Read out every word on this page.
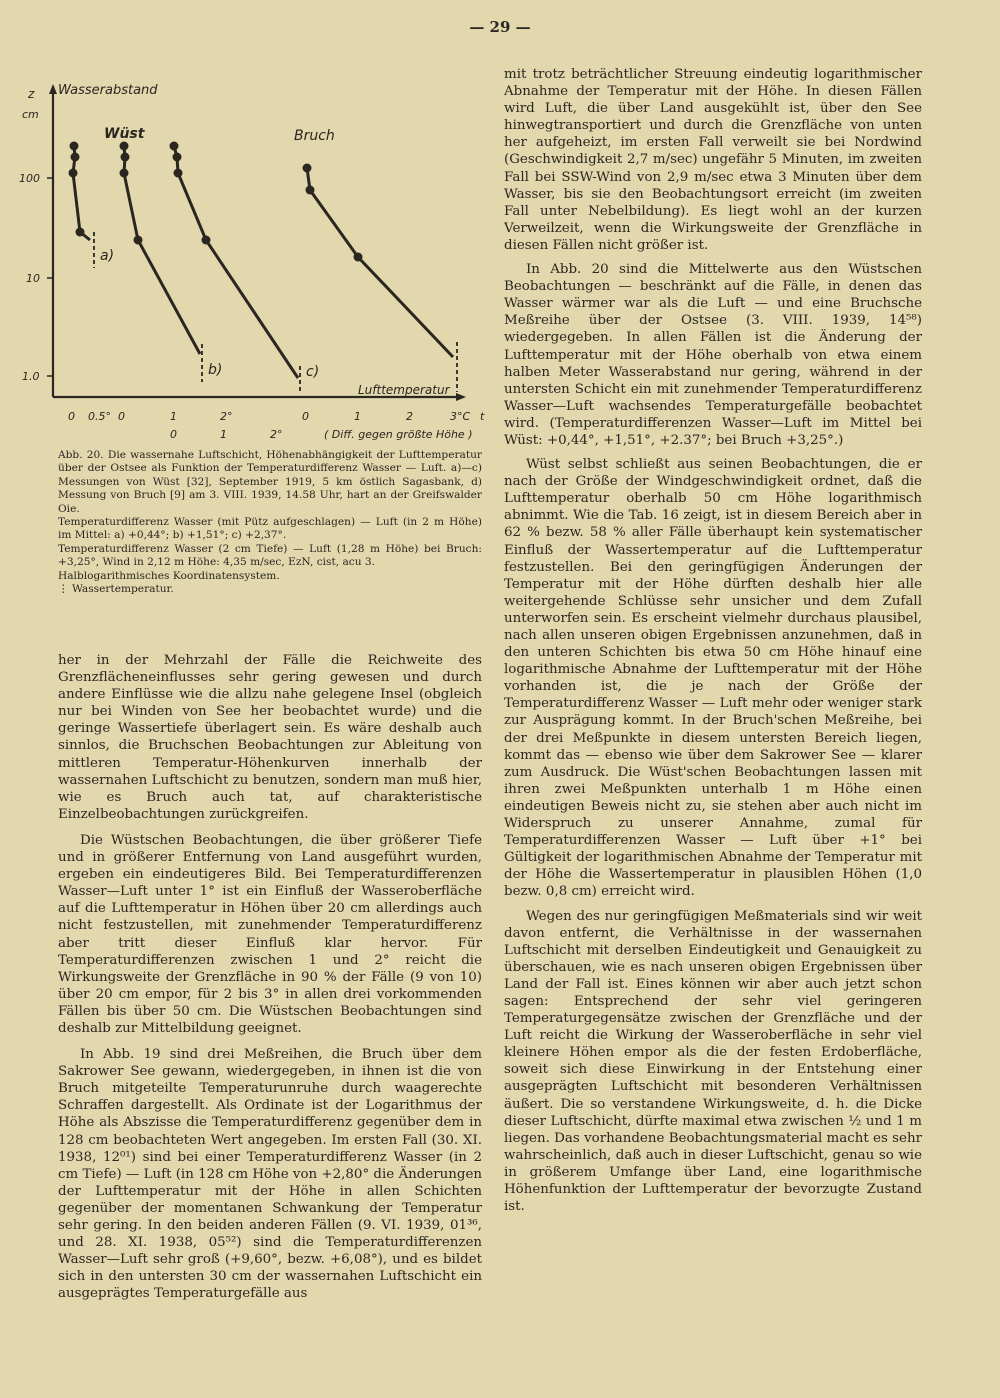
— 29 —
z Wasserabstand
cm
100
10
1.0
Wüst	Bruch
a)
b)	c)
Lufttemperatur
0 0.5° 0	1	2°	0	1	2	3°C t
0	1	2°	( Diff. gegen größte Höhe )

Abb. 20. Die wassernahe Luftschicht, Höhenabhängigkeit der Lufttemperatur über der Ostsee als Funktion der Temperaturdifferenz Wasser — Luft. a)—c) Messungen von Wüst [32], September 1919, 5 km östlich Sagasbank, d) Messung von Bruch [9] am 3. VIII. 1939, 14.58 Uhr, hart an der Greifswalder Oie.

Temperaturdifferenz Wasser (mit Pütz aufgeschlagen) — Luft (in 2 m Höhe) im Mittel: a) +0,44°; b) +1,51°; c) +2,37°.

Temperaturdifferenz Wasser (2 cm Tiefe) — Luft (1,28 m Höhe) bei Bruch: +3,25°, Wind in 2,12 m Höhe: 4,35 m/sec, EzN, cist, acu 3.

Halblogarithmisches Koordinatensystem.

⋮ Wassertemperatur.

her in der Mehrzahl der Fälle die Reichweite des Grenzflächeneinflusses sehr gering gewesen und durch andere Einflüsse wie die allzu nahe gelegene Insel (obgleich nur bei Winden von See her beobachtet wurde) und die geringe Wassertiefe überlagert sein. Es wäre deshalb auch sinnlos, die Bruchschen Beobachtungen zur Ableitung von mittleren Temperatur-Höhenkurven innerhalb der wassernahen Luftschicht zu benutzen, sondern man muß hier, wie es Bruch auch tat, auf charakteristische Einzelbeobachtungen zurückgreifen.

Die Wüstschen Beobachtungen, die über größerer Tiefe und in größerer Entfernung von Land ausgeführt wurden, ergeben ein eindeutigeres Bild. Bei Temperaturdifferenzen Wasser—Luft unter 1° ist ein Einfluß der Wasseroberfläche auf die Lufttemperatur in Höhen über 20 cm allerdings auch nicht festzustellen, mit zunehmender Temperaturdifferenz aber tritt dieser Einfluß klar hervor. Für Temperaturdifferenzen zwischen 1 und 2° reicht die Wirkungsweite der Grenzfläche in 90 % der Fälle (9 von 10) über 20 cm empor, für 2 bis 3° in allen drei vorkommenden Fällen bis über 50 cm. Die Wüstschen Beobachtungen sind deshalb zur Mittelbildung geeignet.

In Abb. 19 sind drei Meßreihen, die Bruch über dem Sakrower See gewann, wiedergegeben, in ihnen ist die von Bruch mitgeteilte Temperaturunruhe durch waagerechte Schraffen dargestellt. Als Ordinate ist der Logarithmus der Höhe als Abszisse die Temperaturdifferenz gegenüber dem in 128 cm beobachteten Wert angegeben. Im ersten Fall (30. XI. 1938, 12⁰¹) sind bei einer Temperaturdifferenz Wasser (in 2 cm Tiefe) — Luft (in 128 cm Höhe von +2,80° die Änderungen der Lufttemperatur mit der Höhe in allen Schichten gegenüber der momentanen Schwankung der Temperatur sehr gering. In den beiden anderen Fällen (9. VI. 1939, 01³⁶, und 28. XI. 1938, 05⁵²) sind die Temperaturdifferenzen Wasser—Luft sehr groß (+9,60°, bezw. +6,08°), und es bildet sich in den untersten 30 cm der wassernahen Luftschicht ein ausgeprägtes Temperaturgefälle aus

mit trotz beträchtlicher Streuung eindeutig logarithmischer Abnahme der Temperatur mit der Höhe. In diesen Fällen wird Luft, die über Land ausgekühlt ist, über den See hinwegtransportiert und durch die Grenzfläche von unten her aufgeheizt, im ersten Fall verweilt sie bei Nordwind (Geschwindigkeit 2,7 m/sec) ungefähr 5 Minuten, im zweiten Fall bei SSW-Wind von 2,9 m/sec etwa 3 Minuten über dem Wasser, bis sie den Beobachtungsort erreicht (im zweiten Fall unter Nebelbildung). Es liegt wohl an der kurzen Verweilzeit, wenn die Wirkungsweite der Grenzfläche in diesen Fällen nicht größer ist.

In Abb. 20 sind die Mittelwerte aus den Wüstschen Beobachtungen — beschränkt auf die Fälle, in denen das Wasser wärmer war als die Luft — und eine Bruchsche Meßreihe über der Ostsee (3. VIII. 1939, 14⁵⁸) wiedergegeben. In allen Fällen ist die Änderung der Lufttemperatur mit der Höhe oberhalb von etwa einem halben Meter Wasserabstand nur gering, während in der untersten Schicht ein mit zunehmender Temperaturdifferenz Wasser—Luft wachsendes Temperaturgefälle beobachtet wird. (Temperaturdifferenzen Wasser—Luft im Mittel bei Wüst: +0,44°, +1,51°, +2.37°; bei Bruch +3,25°.)

Wüst selbst schließt aus seinen Beobachtungen, die er nach der Größe der Windgeschwindigkeit ordnet, daß die Lufttemperatur oberhalb 50 cm Höhe logarithmisch abnimmt. Wie die Tab. 16 zeigt, ist in diesem Bereich aber in 62 % bezw. 58 % aller Fälle überhaupt kein systematischer Einfluß der Wassertemperatur auf die Lufttemperatur festzustellen. Bei den geringfügigen Änderungen der Temperatur mit der Höhe dürften deshalb hier alle weitergehende Schlüsse sehr unsicher und dem Zufall unterworfen sein. Es erscheint vielmehr durchaus plausibel, nach allen unseren obigen Ergebnissen anzunehmen, daß in den unteren Schichten bis etwa 50 cm Höhe hinauf eine logarithmische Abnahme der Lufttemperatur mit der Höhe vorhanden ist, die je nach der Größe der Temperaturdifferenz Wasser — Luft mehr oder weniger stark zur Ausprägung kommt. In der Bruch'schen Meßreihe, bei der drei Meßpunkte in diesem untersten Bereich liegen, kommt das — ebenso wie über dem Sakrower See — klarer zum Ausdruck. Die Wüst'schen Beobachtungen lassen mit ihren zwei Meßpunkten unterhalb 1 m Höhe einen eindeutigen Beweis nicht zu, sie stehen aber auch nicht im Widerspruch zu unserer Annahme, zumal für Temperaturdifferenzen Wasser — Luft über +1° bei Gültigkeit der logarithmischen Abnahme der Temperatur mit der Höhe die Wassertemperatur in plausiblen Höhen (1,0 bezw. 0,8 cm) erreicht wird.

Wegen des nur geringfügigen Meßmaterials sind wir weit davon entfernt, die Verhältnisse in der wassernahen Luftschicht mit derselben Eindeutigkeit und Genauigkeit zu überschauen, wie es nach unseren obigen Ergebnissen über Land der Fall ist. Eines können wir aber auch jetzt schon sagen: Entsprechend der sehr viel geringeren Temperaturgegensätze zwischen der Grenzfläche und der Luft reicht die Wirkung der Wasseroberfläche in sehr viel kleinere Höhen empor als die der festen Erdoberfläche, soweit sich diese Einwirkung in der Entstehung einer ausgeprägten Luftschicht mit besonderen Verhältnissen äußert. Die so verstandene Wirkungsweite, d. h. die Dicke dieser Luftschicht, dürfte maximal etwa zwischen ½ und 1 m liegen. Das vorhandene Beobachtungsmaterial macht es sehr wahrscheinlich, daß auch in dieser Luftschicht, genau so wie in größerem Umfange über Land, eine logarithmische Höhenfunktion der Lufttemperatur der bevorzugte Zustand ist.
